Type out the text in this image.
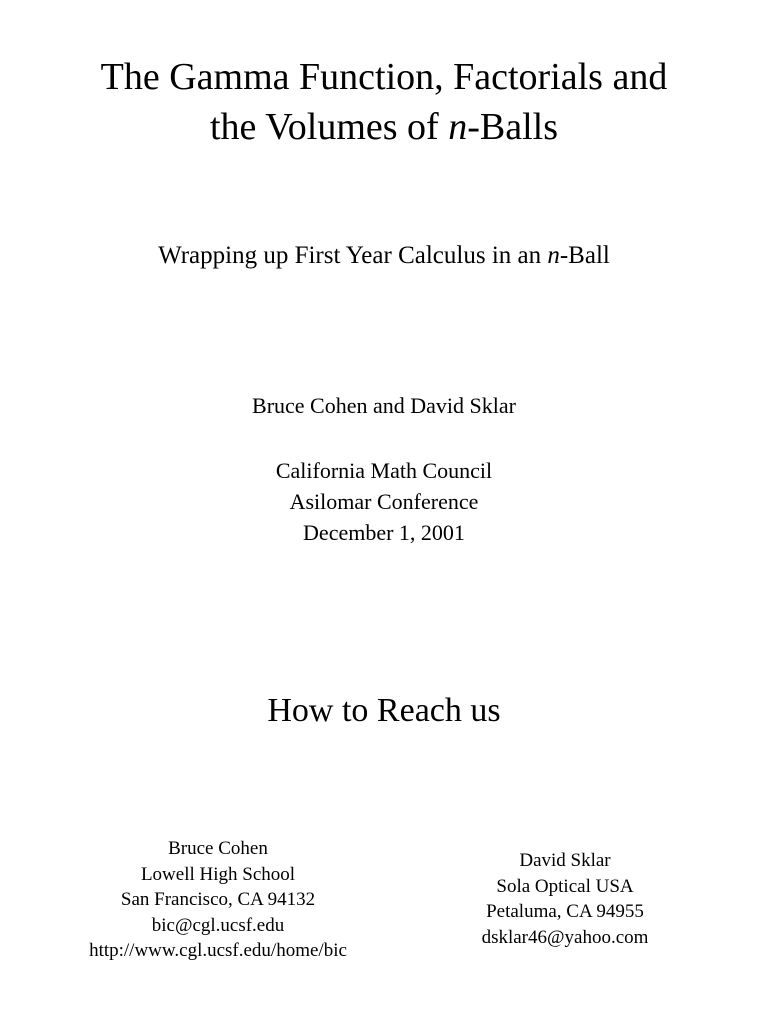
The Gamma Function, Factorials and
the Volumes of n-Balls
Wrapping up First Year Calculus in an n-Ball
Bruce Cohen and David Sklar
California Math Council
Asilomar Conference
December 1, 2001
How to Reach us
Bruce Cohen
Lowell High School
San Francisco, CA 94132
bic@cgl.ucsf.edu
http://www.cgl.ucsf.edu/home/bic
David Sklar
Sola Optical USA
Petaluma, CA 94955
dsklar46@yahoo.com
